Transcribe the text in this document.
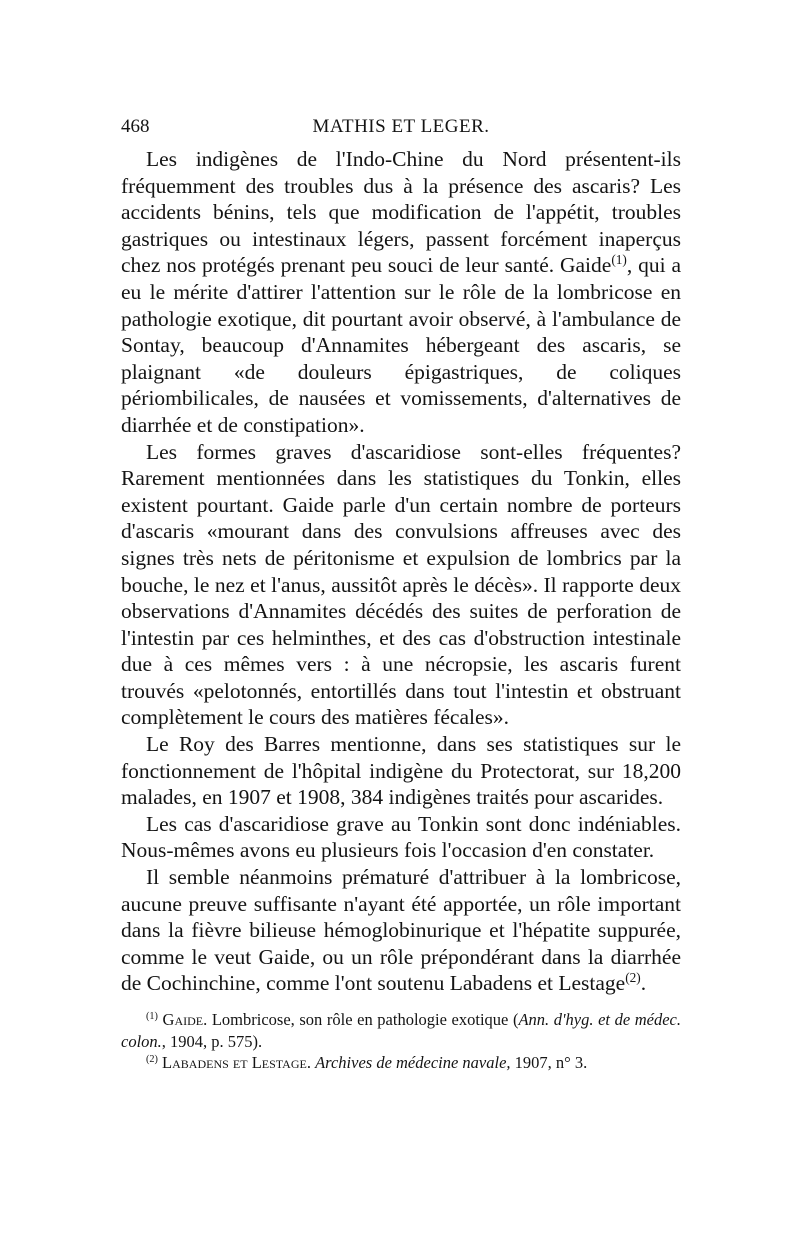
468	MATHIS ET LEGER.

Les indigènes de l'Indo-Chine du Nord présentent-ils fréquemment des troubles dus à la présence des ascaris? Les accidents bénins, tels que modification de l'appétit, troubles gastriques ou intestinaux légers, passent forcément inaperçus chez nos protégés prenant peu souci de leur santé. Gaide$^{(1)}$, qui a eu le mérite d'attirer l'attention sur le rôle de la lombricose en pathologie exotique, dit pourtant avoir observé, à l'ambulance de Sontay, beaucoup d'Annamites hébergeant des ascaris, se plaignant «de douleurs épigastriques, de coliques périombilicales, de nausées et vomissements, d'alternatives de diarrhée et de constipation».

Les formes graves d'ascaridiose sont-elles fréquentes? Rarement mentionnées dans les statistiques du Tonkin, elles existent pourtant. Gaide parle d'un certain nombre de porteurs d'ascaris «mourant dans des convulsions affreuses avec des signes très nets de péritonisme et expulsion de lombrics par la bouche, le nez et l'anus, aussitôt après le décès». Il rapporte deux observations d'Annamites décédés des suites de perforation de l'intestin par ces helminthes, et des cas d'obstruction intestinale due à ces mêmes vers : à une nécropsie, les ascaris furent trouvés «pelotonnés, entortillés dans tout l'intestin et obstruant complètement le cours des matières fécales».

Le Roy des Barres mentionne, dans ses statistiques sur le fonctionnement de l'hôpital indigène du Protectorat, sur 18,200 malades, en 1907 et 1908, 384 indigènes traités pour ascarides.

Les cas d'ascaridiose grave au Tonkin sont donc indéniables. Nous-mêmes avons eu plusieurs fois l'occasion d'en constater.

Il semble néanmoins prématuré d'attribuer à la lombricose, aucune preuve suffisante n'ayant été apportée, un rôle important dans la fièvre bilieuse hémoglobinurique et l'hépatite suppurée, comme le veut Gaide, ou un rôle prépondérant dans la diarrhée de Cochinchine, comme l'ont soutenu Labadens et Lestage$^{(2)}$.

$^{(1)}$ Gaide. Lombricose, son rôle en pathologie exotique (Ann. d'hyg. et de médec. colon., 1904, p. 575).

$^{(2)}$ Labadens et Lestage. Archives de médecine navale, 1907, n° 3.
